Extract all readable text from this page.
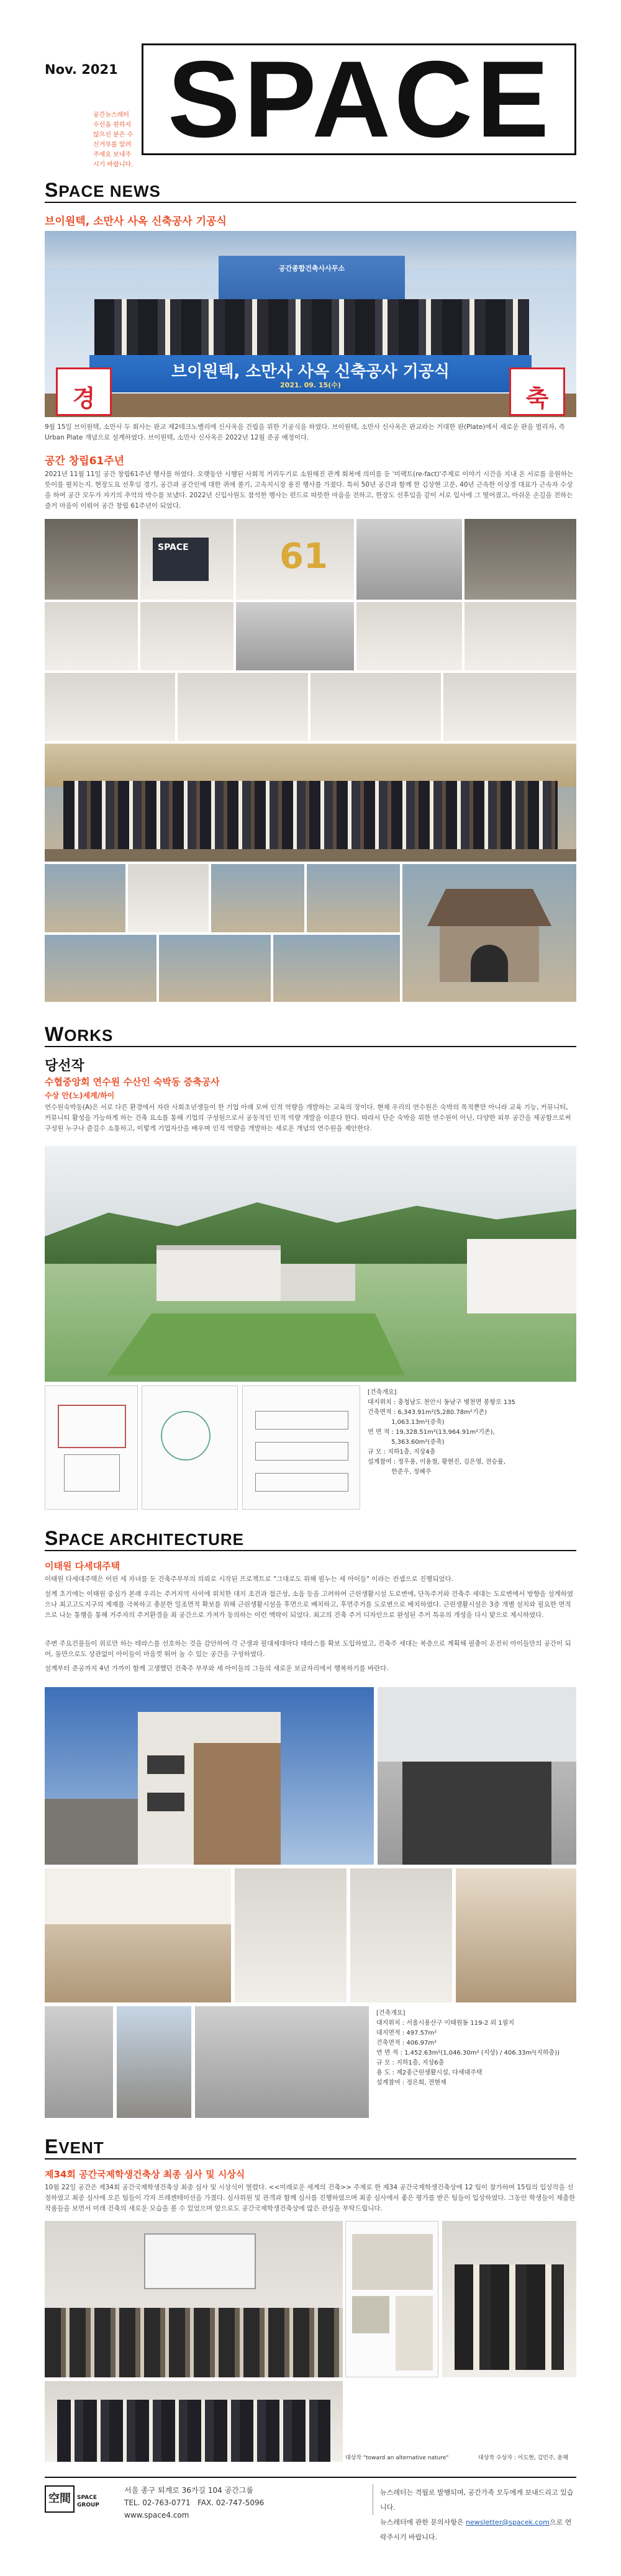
Nov. 2021
공간뉴스레터 수신을 원하지 않으신 분은 수신거부를 알려 주세요 보내주시기 바랍니다.
SPACE
SPACE NEWS
브이원텍, 소만사 사옥 신축공사 기공식
공간종합건축사사무소
브이원텍, 소만사 사옥 신축공사 기공식
2021. 09. 15(수)
경	축
9월 15일 브이원텍, 소만사 두 회사는 판교 제2테크노밸리에 신사옥을 건립을 위한 기공식을 하였다. 브이원텍, 소만사 신사옥은 판교라는 거대한 판(Plate)에서 새로운 판을 벌리자, 즉 Urban Plate 개념으로 설계하였다. 브이원텍, 소만사 신사옥은 2022년 12월 준공 예정이다.
공간 창립61주년
2021년 11월 11일 공간 창립61주년 행사를 하였다. 오랫동안 시행된 사회적 거리두기로 소원해진 관계 회복에 의미를 둔 '미팩트(re-fact)'주제로 이야기 시간을 지내 온 서로를 응원하는 뜻이를 펼치는지. 현장도요 선후임 경기, 공간과 공간인에 대한 퀴에 풀기, 고속지시장 용진 행사를 가졌다. 특히 50년 공간과 함께 한 김상현 고문, 40년 근속한 이상경 대표가 근속자 수상을 하여 공간 모두가 자기의 추억의 박수를 보냈다. 2022년 신입사원도 참석한 행사는 펀드로 따뜻한 마음을 전하고, 한장도 선후임을 같이 서로 입사에 그 떨어졌고, 아쉬운 손길을 전하는 즐거 마음이 이뤄어 공간 창립 61주년이 되었다.
SPACE	61
WORKS
당선작
수협중앙회 연수원 수산인 숙박동 증축공사
수상 안(노)세계/하이
연수원숙박동(A)은 서로 다른 환경에서 자란 사회초년생들이 한 기업 아래 모여 인적 역량을 개발하는 교육의 장이다. 현재 우리의 연수원은 숙박의 목적뿐만 아니라 교육 기능, 커뮤니티, 커뮤니티 활성을 가능하게 하는 건축 요소를 통해 기업의 구성원으로서 공동적인 인적 역량 개발을 이룬다 한다. 따라서 단순 숙박을 위한 연수원이 아닌, 다양한 외부 공간을 제공함으로써 구성원 누구나 즐길수 소통하고, 이렇게 기업자산을 배우며 인적 역량을 개발하는 새로운 개념의 연수원을 제안한다.
[건축개요]
대지위치 : 충청남도 천안시 동남구 병천면 봉항로 135
건축면적 : 6,343.91m²(5,280.78m²기존)
1,063.13m²(증축)
연 면 적 : 19,328.51m²(13,964.91m²기존),
5,363.60m²(증축)
규 모 : 지하1층, 지상4층
설계참여 : 정우용, 이용철, 황현진, 김은영, 전승률,
한준우, 정혜주
SPACE ARCHITECTURE
이태원 다세대주택
이태원 다세대주택은 어린 세 자녀를 둔 건축주부부의 의뢰로 시작된 프로젝트로 "그대로도 위해 필누는 세 아이들" 이라는 컨셉으로 진행되었다.
설계 초기에는 이태원 중심가 본래 우리는 주거지역 사이에 위치한 대지 조건과 접근성, 소음 등을 고려하여 근린생활시설 도로변에, 단독주거와 건축주 세대는 도로변에서 방향을 설계하였으나 최고고도지구의 제재를 극복하고 충분한 일조면적 확보를 위해 근린생활시설을 후면으로 배치하고, 후면주거를 도로변으로 배치하였다. 근린생활시설은 3층 개별 설치와 필요한 면적으로 나눈 통행을 통해 거주자의 주거환경을 최 공간으로 가져가 동의하는 이런 맥락이 되었다. 최고의 건축 주거 디자인으로 완성된 주거 특유의 개성을 다시 맞으로 제시하였다.
주변 주요건물들이 위로만 하는 테라스를 선호하는 것을 감안하여 각 근생과 필대세대마다 테라스를 확보 도입하였고, 건축주 세대는 복층으로 계획해 필충이 온전히 아이들만의 공간이 되어, 둘만으로도 상관없이 아이들이 마음껏 뛰어 놀 수 있는 공간을 구성하였다.
설계부터 준공까지 4년 가까이 함께 고생했던 건축주 부부와 세 아이들의 그들의 새로운 보금자리에서 행복하기를 바란다.
[건축개요]
대지위치 : 서울시용산구 이태원동 119-2 외 1필지
대지면적 : 497.57m²
건축면적 : 406.97m²
연 면 적 : 1,452.63m²(1,046.30m² (지상) / 406.33m²(지하층))
규 모 : 지하1층, 지상6층
용 도 : 제2종근린생활시설, 다세대주택
설계참여 : 정은희, 전현재
EVENT
제34회 공간국제학생건축상 최종 심사 및 시상식
10월 22일 공간은 제34회 공간국제학생건축상 최종 심사 및 시상식이 열렸다. <<미래로운 세계의 건축>> 주제로 한 제34 공간국제학생건축상에 12 팀이 참가하여 15팀의 입상작을 선정하였고 최종 심사에 오른 팀들이 각자 프레젠테이션을 가졌다. 심사위원 및 관객과 함께 심사를 진행하였으며 최종 심사에서 좋은 평가를 받은 팀들이 입상하였다. 그동안 학생들이 제출한 작품들을 보면서 미래 건축의 새로운 모습을 볼 수 있었으며 앞으로도 공간국제학생건축상에 많은 관심을 부탁드립니다.
대상작 "toward an alternative nature"	대상작 수상자 : 이도현, 김민주, 윤혜
空間	SPACE GROUP
서울 종구 퇴계로 36가길 104 공간그룹
TEL. 02-763-0771 FAX. 02-747-5096
www.space4.com
뉴스레터는 격월로 발행되며, 공간가족 모두에게 보내드리고 있습니다.
뉴스레터에 관한 문의사항은 newsletter@spacek.com으로 연락주시기 바랍니다.
